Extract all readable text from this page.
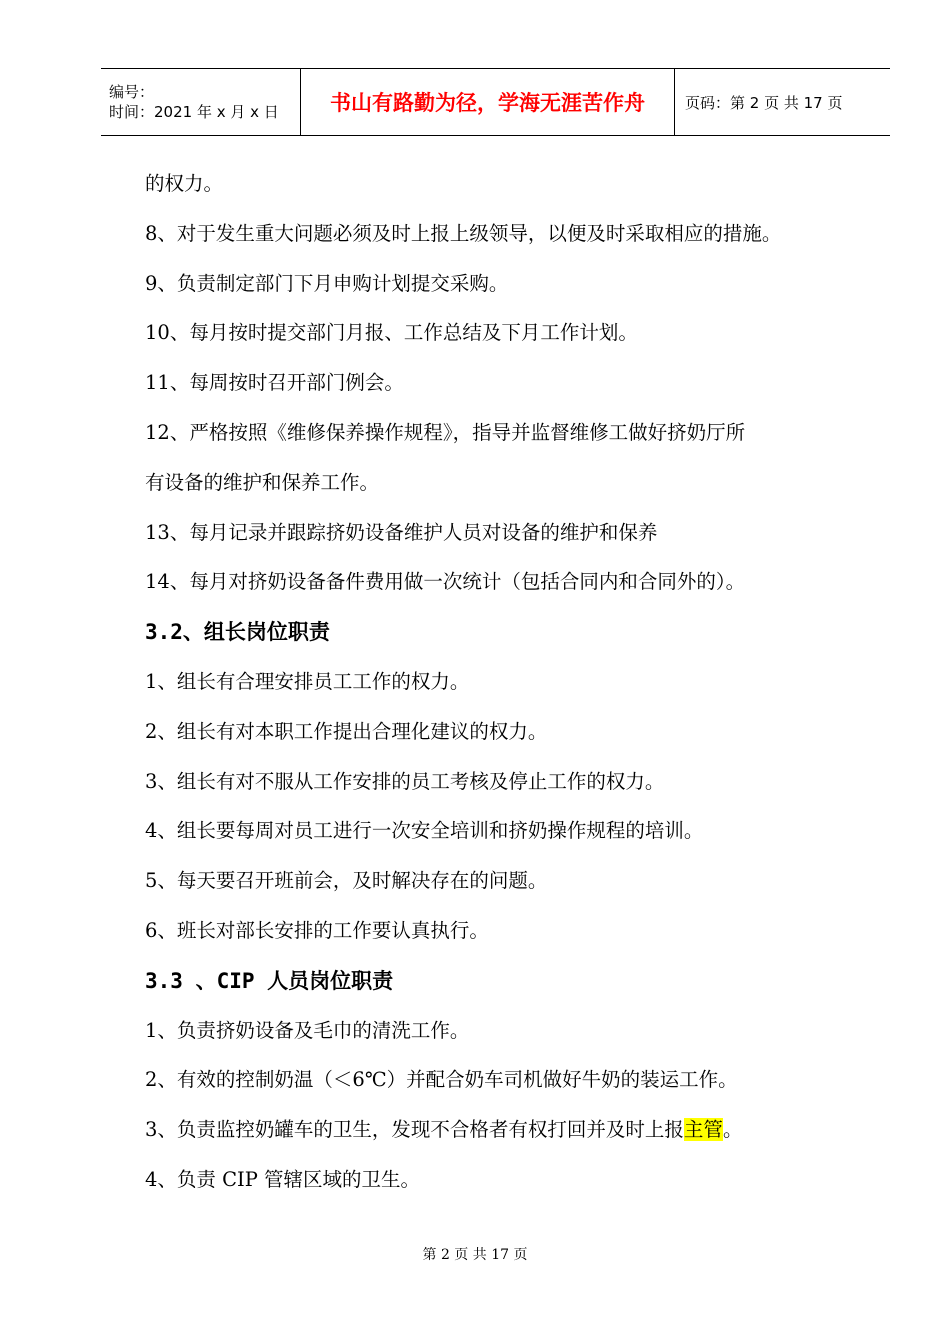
编号：
时间：2021 年 x 月 x 日	书山有路勤为径，学海无涯苦作舟	页码：第 2 页 共 17 页
的权力。
8、对于发生重大问题必须及时上报上级领导，以便及时采取相应的措施。
9、负责制定部门下月申购计划提交采购。
10、每月按时提交部门月报、工作总结及下月工作计划。
11、每周按时召开部门例会。
12、严格按照《维修保养操作规程》，指导并监督维修工做好挤奶厅所
有设备的维护和保养工作。
13、每月记录并跟踪挤奶设备维护人员对设备的维护和保养
14、每月对挤奶设备备件费用做一次统计（包括合同内和合同外的）。
3.2、组长岗位职责
1、组长有合理安排员工工作的权力。
2、组长有对本职工作提出合理化建议的权力。
3、组长有对不服从工作安排的员工考核及停止工作的权力。
4、组长要每周对员工进行一次安全培训和挤奶操作规程的培训。
5、每天要召开班前会，及时解决存在的问题。
6、班长对部长安排的工作要认真执行。
3.3 、CIP 人员岗位职责
1、负责挤奶设备及毛巾的清洗工作。
2、有效的控制奶温（＜6℃）并配合奶车司机做好牛奶的装运工作。
3、负责监控奶罐车的卫生，发现不合格者有权打回并及时上报主管。
4、负责 CIP 管辖区域的卫生。
第 2 页 共 17 页
